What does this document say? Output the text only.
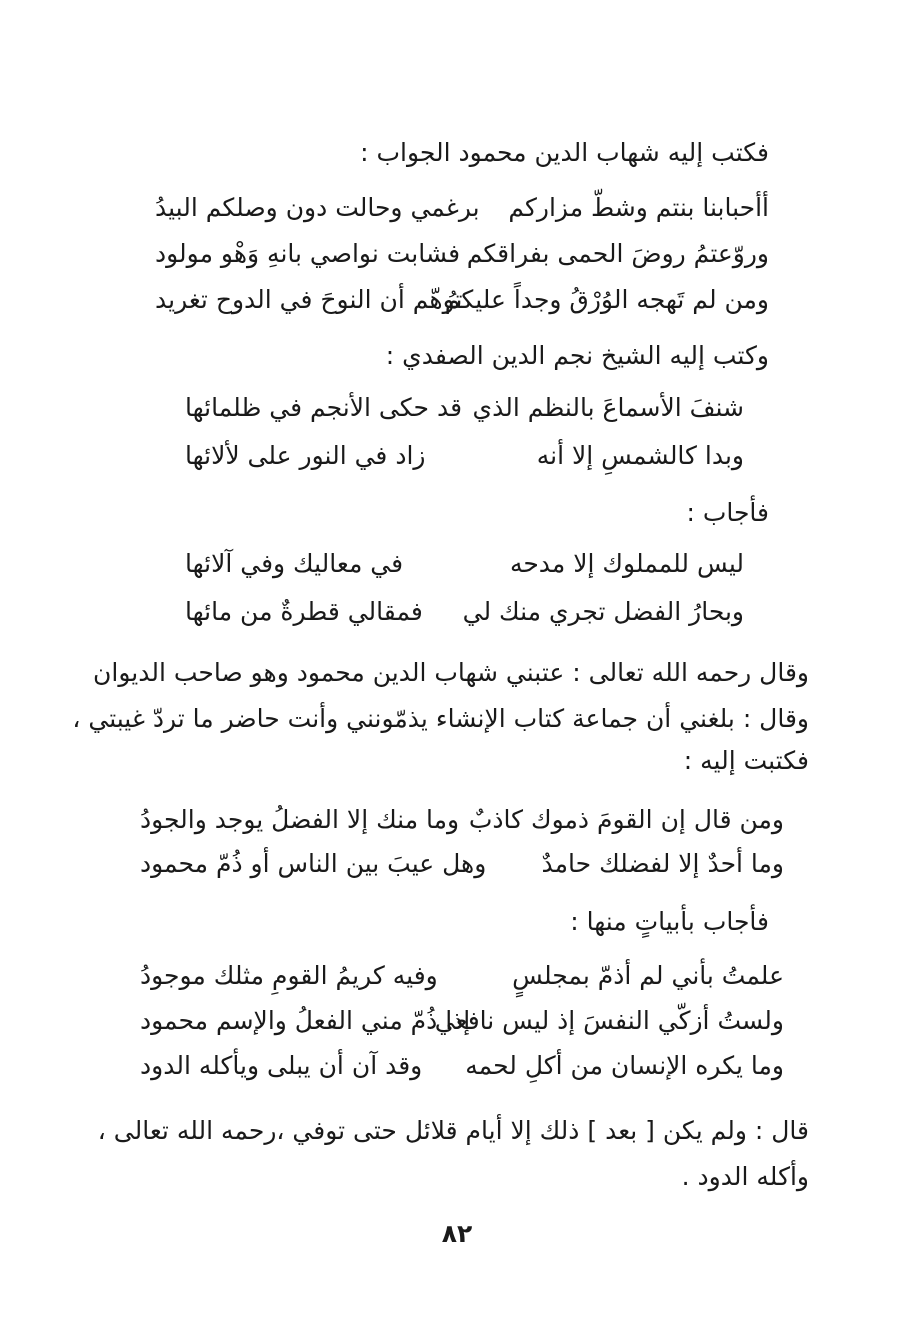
فكتب إليه شهاب الدين محمود الجواب :
أأحبابنا بنتم وشطّ مزاركم
برغمي وحالت دون وصلكم البيدُ
وروّعتمُ روضَ الحمى بفراقكم
فشابت نواصي بانهِ وَهْو مولود
ومن لم تَهجه الوُرْقُ وجداً عليكمُ
توهّم أن النوحَ في الدوح تغريد
وكتب إليه الشيخ نجم الدين الصفدي :
شنفَ الأسماعَ بالنظم الذي
قد حكى الأنجم في ظلمائها
وبدا كالشمسِ إلا أنه
زاد في النور على لألائها
فأجاب :
ليس للمملوك إلا مدحه
في معاليك وفي آلائها
وبحارُ الفضل تجري منك لي
فمقالي قطرةٌ من مائها
وقال رحمه الله تعالى : عتبني شهاب الدين محمود وهو صاحب الديوان
وقال : بلغني أن جماعة كتاب الإنشاء يذمّونني وأنت حاضر ما تردّ غيبتي ،
فكتبت إليه :
ومن قال إن القومَ ذموك كاذبٌ
وما منك إلا الفضلُ يوجد والجودُ
وما أحدٌ إلا لفضلك حامدٌ
وهل عيبَ بين الناس أو ذُمّ محمود
فأجاب بأبياتٍ منها :
علمتُ بأني لم أذمّ بمجلسٍ
وفيه كريمُ القومِ مثلك موجودُ
ولستُ أزكّي النفسَ إذ ليس نافعي
إذا ذُمّ مني الفعلُ والإسم محمود
وما يكره الإنسان من أكلِ لحمه
وقد آن أن يبلى ويأكله الدود
قال : ولم يكن [ بعد ] ذلك إلا أيام قلائل حتى توفي ،رحمه الله تعالى ،
وأكله الدود .
٨٢
